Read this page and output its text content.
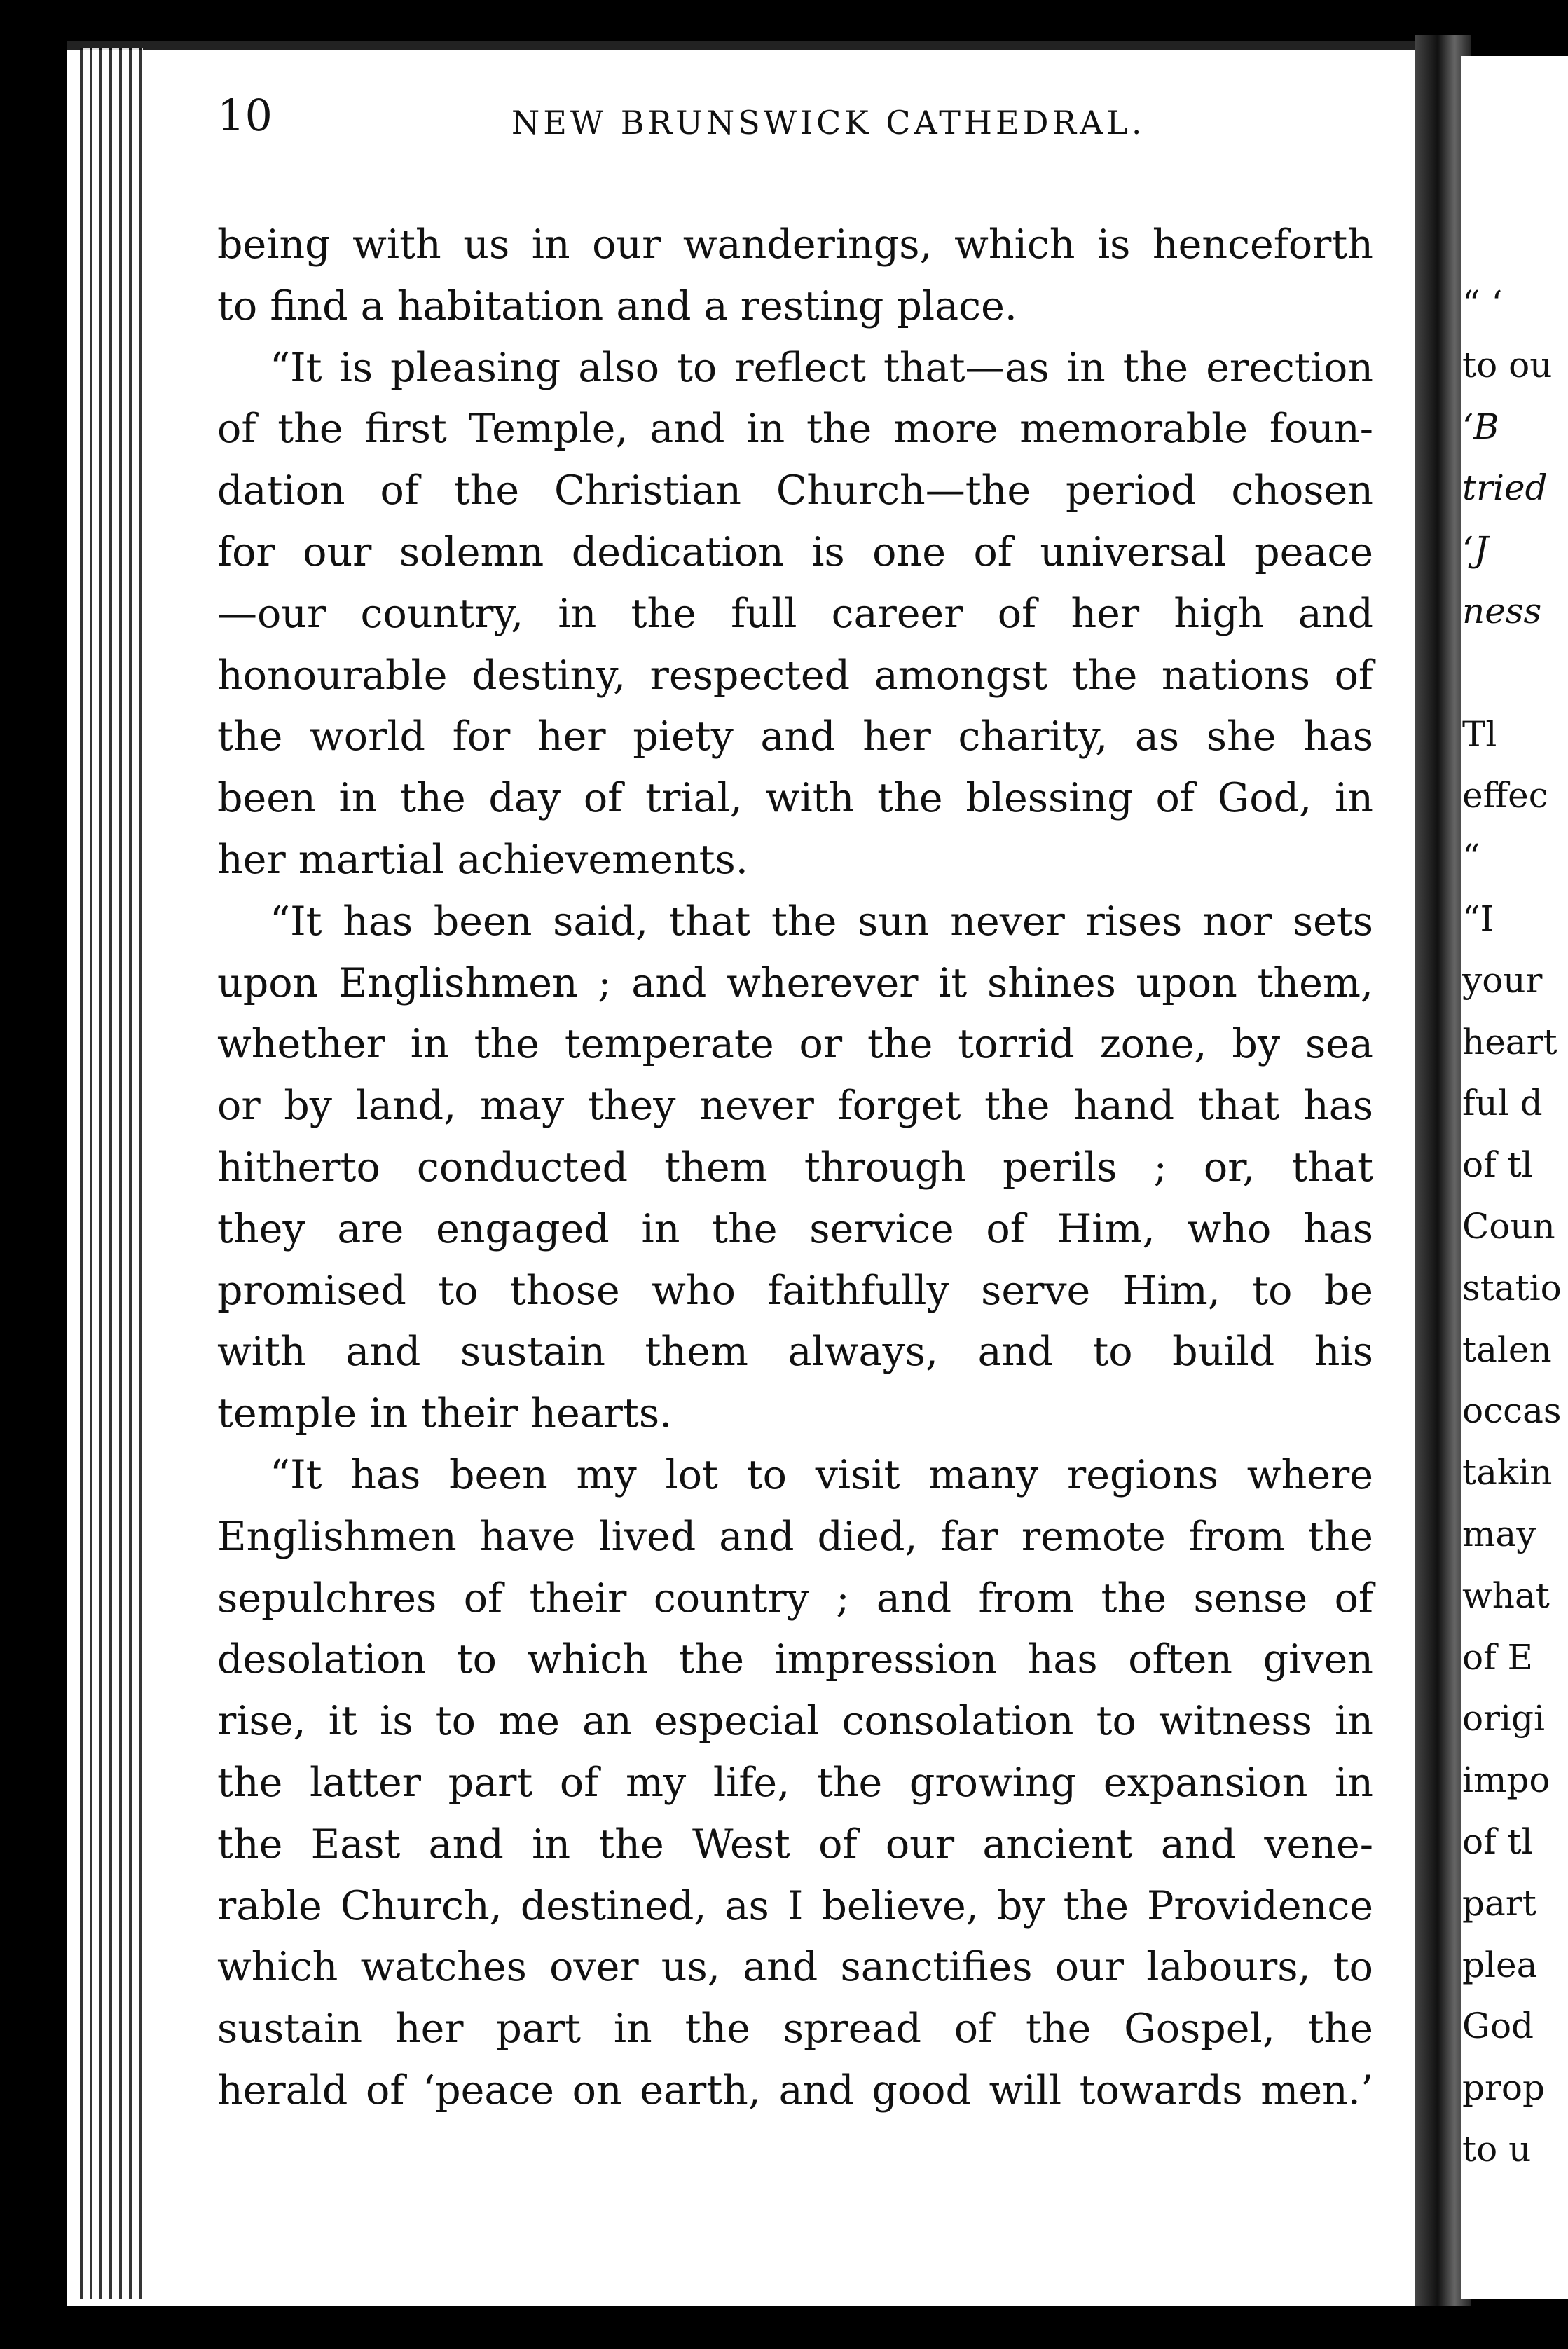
10	NEW BRUNSWICK CATHEDRAL.
being with us in our wanderings, which is henceforth
to find a habitation and a resting place.
“It is pleasing also to reflect that—as in the erection
of the first Temple, and in the more memorable foun-
dation of the Christian Church—the period chosen
for our solemn dedication is one of universal peace
—our country, in the full career of her high and
honourable destiny, respected amongst the nations of
the world for her piety and her charity, as she has
been in the day of trial, with the blessing of God, in
her martial achievements.
“It has been said, that the sun never rises nor sets
upon Englishmen ; and wherever it shines upon them,
whether in the temperate or the torrid zone, by sea
or by land, may they never forget the hand that has
hitherto conducted them through perils ; or, that
they are engaged in the service of Him, who has
promised to those who faithfully serve Him, to be
with and sustain them always, and to build his
temple in their hearts.
“It has been my lot to visit many regions where
Englishmen have lived and died, far remote from the
sepulchres of their country ; and from the sense of
desolation to which the impression has often given
rise, it is to me an especial consolation to witness in
the latter part of my life, the growing expansion in
the East and in the West of our ancient and vene-
rable Church, destined, as I believe, by the Providence
which watches over us, and sanctifies our labours, to
sustain her part in the spread of the Gospel, the
herald of ‘peace on earth, and good will towards men.’
“ ‘
to ou
‘B
tried
‘J
ness
Tl
effec
“
“I
your
heart
ful d
of tl
Coun
statio
talen
occas
takin
may
what
of E
origi
impo
of tl
part
plea
God
prop
to u
